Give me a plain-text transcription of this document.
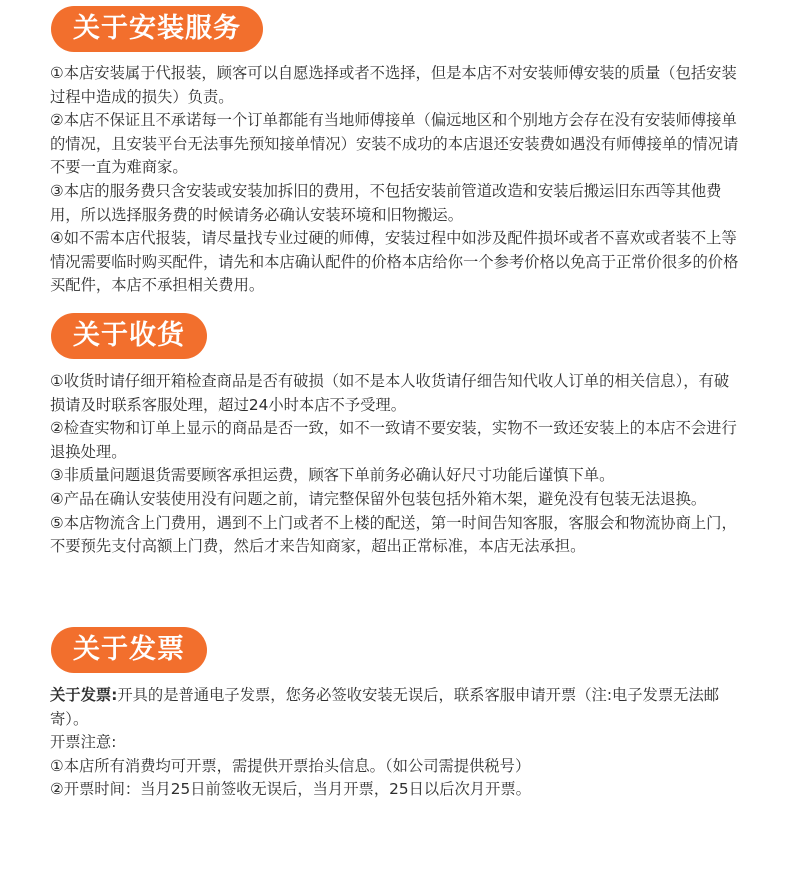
关于安装服务

①本店安装属于代报装，顾客可以自愿选择或者不选择，但是本店不对安装师傅安装的质量（包括安装过程中造成的损失）负责。

②本店不保证且不承诺每一个订单都能有当地师傅接单（偏远地区和个别地方会存在没有安装师傅接单的情况，且安装平台无法事先预知接单情况）安装不成功的本店退还安装费如遇没有师傅接单的情况请不要一直为难商家。

③本店的服务费只含安装或安装加拆旧的费用，不包括安装前管道改造和安装后搬运旧东西等其他费用，所以选择服务费的时候请务必确认安装环境和旧物搬运。

④如不需本店代报装，请尽量找专业过硬的师傅，安装过程中如涉及配件损坏或者不喜欢或者装不上等情况需要临时购买配件，请先和本店确认配件的价格本店给你一个参考价格以免高于正常价很多的价格买配件，本店不承担相关费用。

关于收货

①收货时请仔细开箱检查商品是否有破损（如不是本人收货请仔细告知代收人订单的相关信息），有破损请及时联系客服处理，超过24小时本店不予受理。

②检查实物和订单上显示的商品是否一致，如不一致请不要安装，实物不一致还安装上的本店不会进行退换处理。

③非质量问题退货需要顾客承担运费，顾客下单前务必确认好尺寸功能后谨慎下单。

④产品在确认安装使用没有问题之前，请完整保留外包装包括外箱木架，避免没有包装无法退换。

⑤本店物流含上门费用，遇到不上门或者不上楼的配送，第一时间告知客服，客服会和物流协商上门，不要预先支付高额上门费，然后才来告知商家，超出正常标准，本店无法承担。

关于发票

关于发票:开具的是普通电子发票，您务必签收安装无误后，联系客服申请开票（注:电子发票无法邮寄）。

开票注意:

①本店所有消费均可开票，需提供开票抬头信息。（如公司需提供税号）

②开票时间：当月25日前签收无误后，当月开票，25日以后次月开票。
